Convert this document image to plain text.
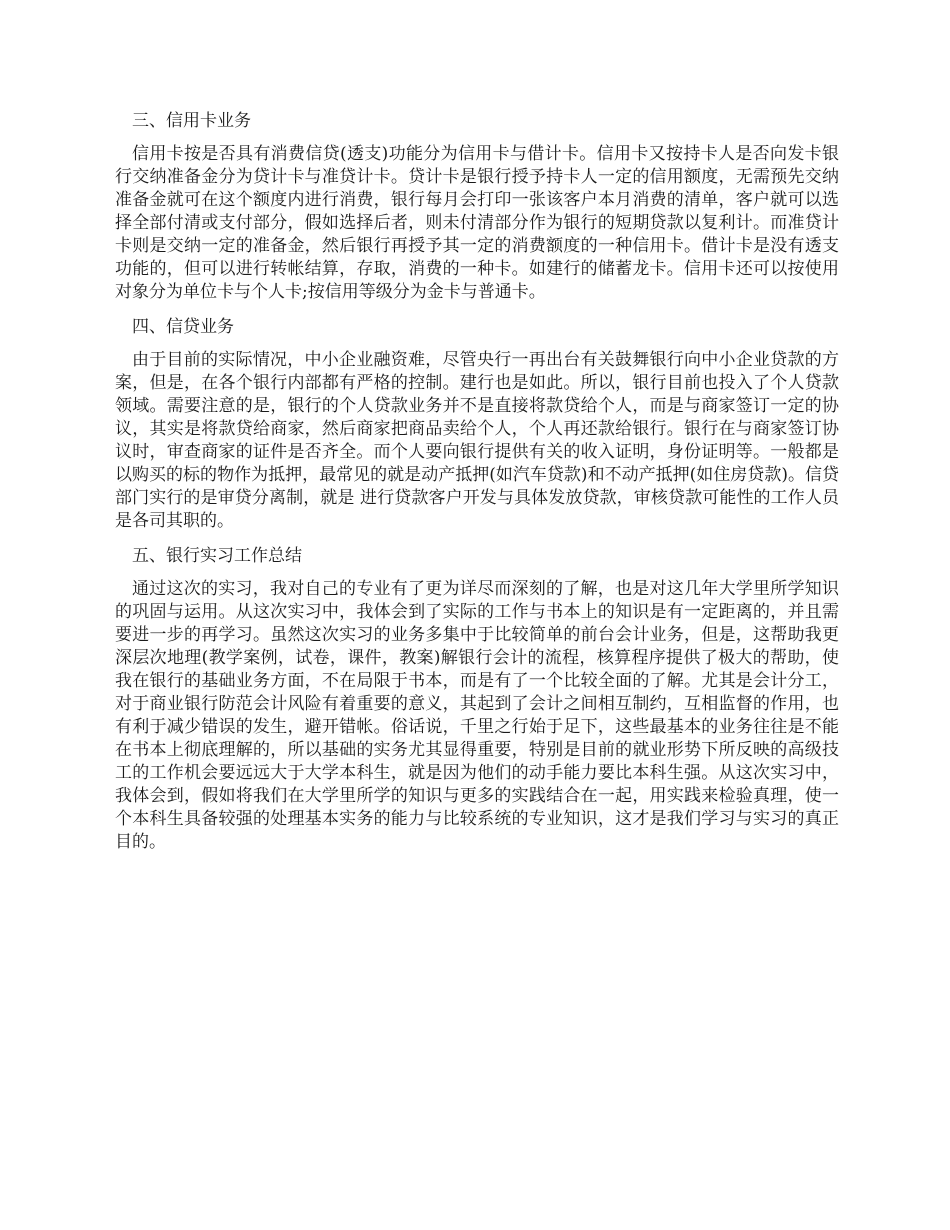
三、信用卡业务

信用卡按是否具有消费信贷(透支)功能分为信用卡与借计卡。信用卡又按持卡人是否向发卡银行交纳准备金分为贷计卡与准贷计卡。贷计卡是银行授予持卡人一定的信用额度，无需预先交纳准备金就可在这个额度内进行消费，银行每月会打印一张该客户本月消费的清单，客户就可以选择全部付清或支付部分，假如选择后者，则未付清部分作为银行的短期贷款以复利计。而准贷计卡则是交纳一定的准备金，然后银行再授予其一定的消费额度的一种信用卡。借计卡是没有透支功能的，但可以进行转帐结算，存取，消费的一种卡。如建行的储蓄龙卡。信用卡还可以按使用对象分为单位卡与个人卡;按信用等级分为金卡与普通卡。

四、信贷业务

由于目前的实际情况，中小企业融资难，尽管央行一再出台有关鼓舞银行向中小企业贷款的方案，但是，在各个银行内部都有严格的控制。建行也是如此。所以，银行目前也投入了个人贷款领域。需要注意的是，银行的个人贷款业务并不是直接将款贷给个人，而是与商家签订一定的协议，其实是将款贷给商家，然后商家把商品卖给个人，个人再还款给银行。银行在与商家签订协议时，审查商家的证件是否齐全。而个人要向银行提供有关的收入证明，身份证明等。一般都是以购买的标的物作为抵押，最常见的就是动产抵押(如汽车贷款)和不动产抵押(如住房贷款)。信贷部门实行的是审贷分离制，就是 进行贷款客户开发与具体发放贷款，审核贷款可能性的工作人员是各司其职的。

五、银行实习工作总结

通过这次的实习，我对自己的专业有了更为详尽而深刻的了解，也是对这几年大学里所学知识的巩固与运用。从这次实习中，我体会到了实际的工作与书本上的知识是有一定距离的，并且需要进一步的再学习。虽然这次实习的业务多集中于比较简单的前台会计业务，但是，这帮助我更深层次地理(教学案例，试卷，课件，教案)解银行会计的流程，核算程序提供了极大的帮助，使我在银行的基础业务方面，不在局限于书本，而是有了一个比较全面的了解。尤其是会计分工，对于商业银行防范会计风险有着重要的意义，其起到了会计之间相互制约，互相监督的作用，也有利于减少错误的发生，避开错帐。俗话说，千里之行始于足下，这些最基本的业务往往是不能在书本上彻底理解的，所以基础的实务尤其显得重要，特别是目前的就业形势下所反映的高级技工的工作机会要远远大于大学本科生，就是因为他们的动手能力要比本科生强。从这次实习中，我体会到，假如将我们在大学里所学的知识与更多的实践结合在一起，用实践来检验真理，使一个本科生具备较强的处理基本实务的能力与比较系统的专业知识，这才是我们学习与实习的真正目的。
